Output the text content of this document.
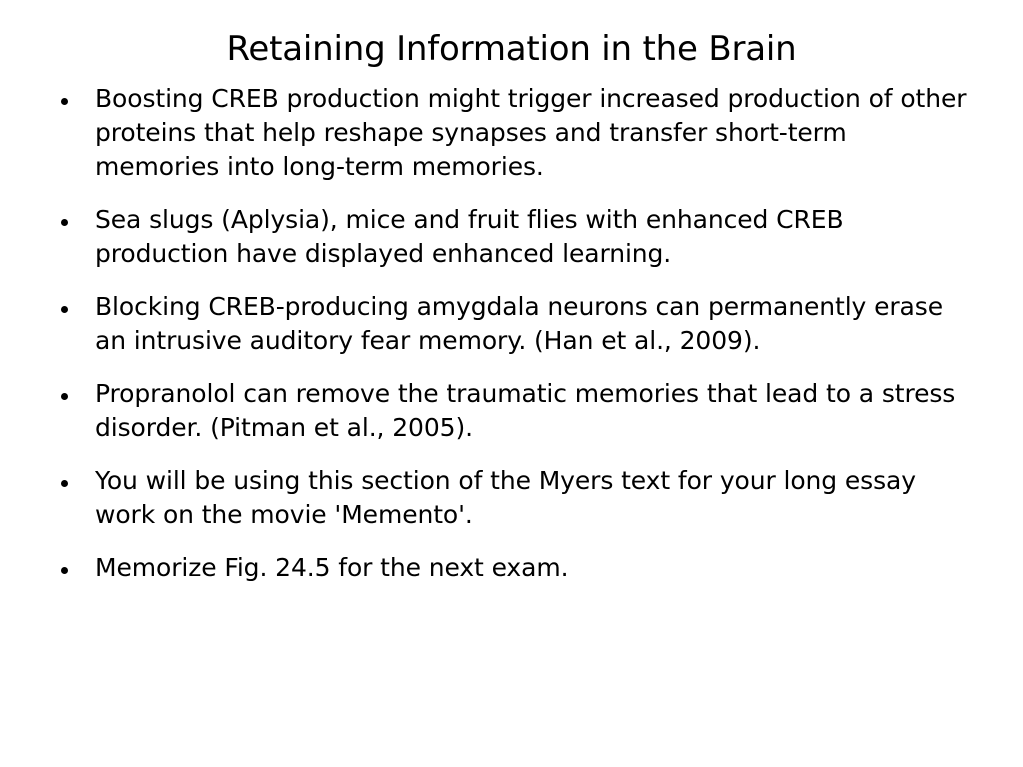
Retaining Information in the Brain
Boosting CREB production might trigger increased production of other proteins that help reshape synapses and transfer short-term memories into long-term memories.
Sea slugs (Aplysia), mice and fruit flies with enhanced CREB production have displayed enhanced learning.
Blocking CREB-producing amygdala neurons can permanently erase an intrusive auditory fear memory. (Han et al., 2009).
Propranolol can remove the traumatic memories that lead to a stress disorder. (Pitman et al., 2005).
You will be using this section of the Myers text for your long essay work on the movie 'Memento'.
Memorize Fig. 24.5 for the next exam.
